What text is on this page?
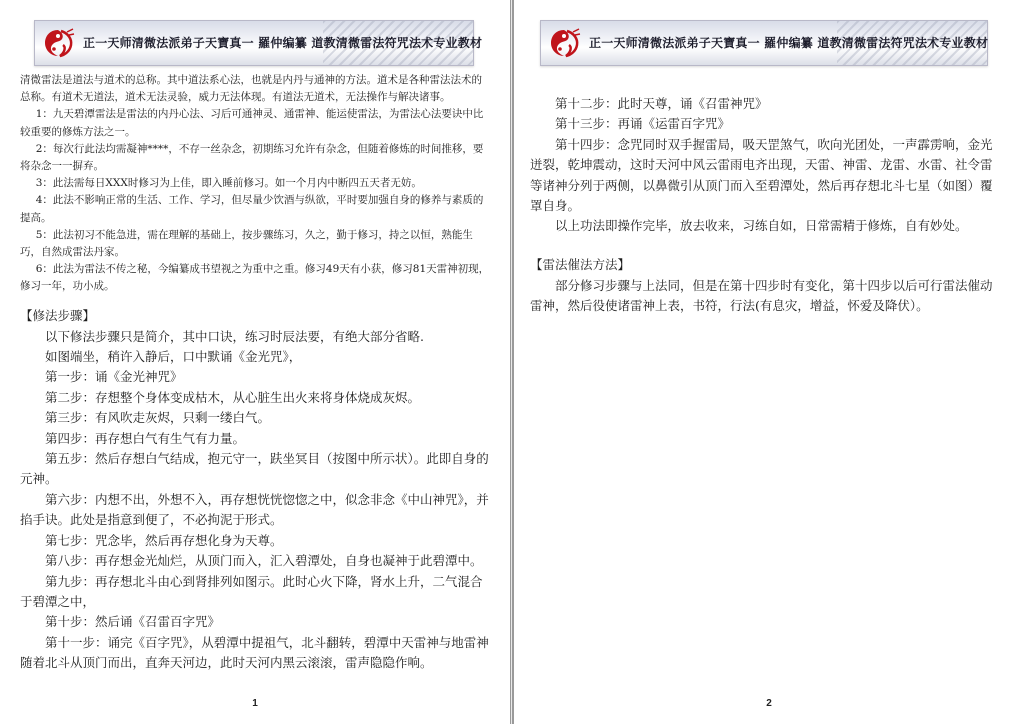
正一天师清微法派弟子天寶真一 羅仲编纂 道教清微雷法符咒法术专业教材

清微雷法是道法与道术的总称。其中道法系心法，也就是内丹与通神的方法。道术是各种雷法法术的总称。有道术无道法，道术无法灵验，威力无法体现。有道法无道术，无法操作与解决诸事。

1：九天碧潭雷法是雷法的内丹心法、习后可通神灵、通雷神、能运使雷法，为雷法心法要诀中比较重要的修炼方法之一。

2：每次行此法均需凝神****，不存一丝杂念，初期练习允许有杂念，但随着修炼的时间推移，要将杂念一一摒弃。

3：此法需每日XXX时修习为上佳，即入睡前修习。如一个月内中断四五天者无妨。

4：此法不影响正常的生活、工作、学习，但尽量少饮酒与纵欲，平时要加强自身的修养与素质的提高。

5：此法初习不能急进，需在理解的基础上，按步骤练习，久之，勤于修习，持之以恒，熟能生巧，自然成雷法丹家。

6：此法为雷法不传之秘，今编纂成书望视之为重中之重。修习49天有小获，修习81天雷神初现，修习一年，功小成。

【修法步骤】

以下修法步骤只是简介，其中口诀，练习时辰法要，有绝大部分省略.

如图端坐，稍许入静后，口中默诵《金光咒》，

第一步：诵《金光神咒》

第二步：存想整个身体变成枯木，从心脏生出火来将身体烧成灰烬。

第三步：有风吹走灰烬，只剩一缕白气。

第四步：再存想白气有生气有力量。

第五步：然后存想白气结成，抱元守一，趺坐冥目（按图中所示状）。此即自身的元神。

第六步：内想不出，外想不入，再存想恍恍惚惚之中，似念非念《中山神咒》，并掐手诀。此处是指意到便了，不必拘泥于形式。

第七步：咒念毕，然后再存想化身为天尊。

第八步：再存想金光灿烂，从顶门而入，汇入碧潭处，自身也凝神于此碧潭中。

第九步：再存想北斗由心到肾排列如图示。此时心火下降，肾水上升，二气混合于碧潭之中，

第十步：然后诵《召雷百字咒》

第十一步：诵完《百字咒》，从碧潭中提祖气，北斗翻转，碧潭中天雷神与地雷神随着北斗从顶门而出，直奔天河边，此时天河内黑云滚滚，雷声隐隐作响。

1
正一天师清微法派弟子天寶真一 羅仲编纂 道教清微雷法符咒法术专业教材

第十二步：此时天尊，诵《召雷神咒》

第十三步：再诵《运雷百字咒》

第十四步：念咒同时双手握雷局，吸天罡煞气，吹向光团处，一声霹雳响，金光迸裂，乾坤震动，这时天河中风云雷雨电齐出现，天雷、神雷、龙雷、水雷、社令雷等诸神分列于两侧，以鼻微引从顶门而入至碧潭处，然后再存想北斗七星（如图）覆罩自身。

以上功法即操作完毕，放去收来，习练自如，日常需精于修炼，自有妙处。

【雷法催法方法】

部分修习步骤与上法同，但是在第十四步时有变化，第十四步以后可行雷法催动雷神，然后役使诸雷神上表，书符，行法(有息灾，增益，怀爱及降伏）。

2
